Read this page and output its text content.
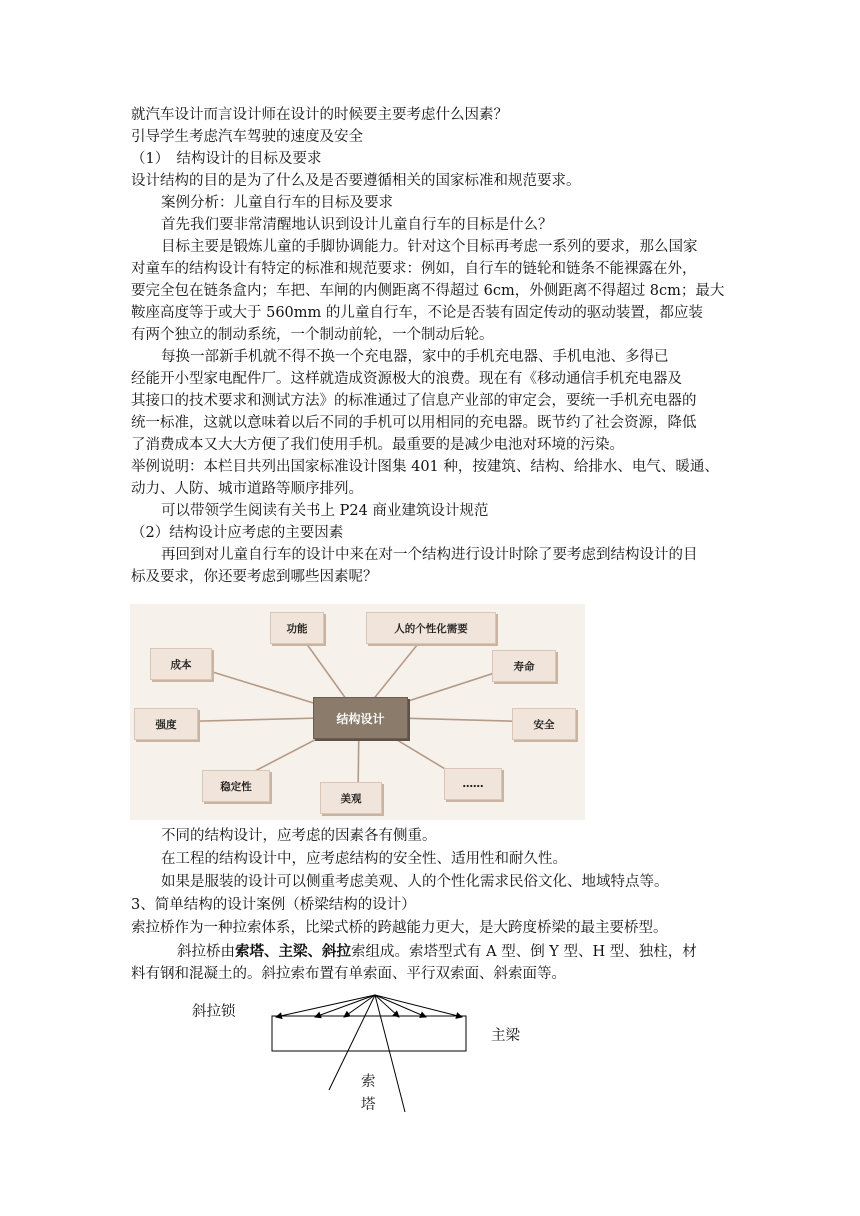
就汽车设计而言设计师在设计的时候要主要考虑什么因素？
引导学生考虑汽车驾驶的速度及安全
（1）　结构设计的目标及要求
设计结构的目的是为了什么及是否要遵循相关的国家标准和规范要求。
案例分析：儿童自行车的目标及要求
首先我们要非常清醒地认识到设计儿童自行车的目标是什么？
目标主要是锻炼儿童的手脚协调能力。针对这个目标再考虑一系列的要求，那么国家
对童车的结构设计有特定的标准和规范要求：例如，自行车的链轮和链条不能裸露在外，
要完全包在链条盒内；车把、车闸的内侧距离不得超过 6cm，外侧距离不得超过 8cm；最大
鞍座高度等于或大于 560mm 的儿童自行车，不论是否装有固定传动的驱动装置，都应装
有两个独立的制动系统，一个制动前轮，一个制动后轮。
每换一部新手机就不得不换一个充电器，家中的手机充电器、手机电池、多得已
经能开小型家电配件厂。这样就造成资源极大的浪费。现在有《移动通信手机充电器及
其接口的技术要求和测试方法》的标准通过了信息产业部的审定会，要统一手机充电器的
统一标准，这就以意味着以后不同的手机可以用相同的充电器。既节约了社会资源，降低
了消费成本又大大方便了我们使用手机。最重要的是减少电池对环境的污染。
举例说明：本栏目共列出国家标准设计图集 401 种，按建筑、结构、给排水、电气、暖通、
动力、人防、城市道路等顺序排列。
可以带领学生阅读有关书上 P24 商业建筑设计规范
（2）结构设计应考虑的主要因素
再回到对儿童自行车的设计中来在对一个结构进行设计时除了要考虑到结构设计的目
标及要求，你还要考虑到哪些因素呢？
功能	人的个性化需要
成本	寿命
强度	安全
结构设计
稳定性
美观
……
不同的结构设计，应考虑的因素各有侧重。
在工程的结构设计中，应考虑结构的安全性、适用性和耐久性。
如果是服装的设计可以侧重考虑美观、人的个性化需求民俗文化、地域特点等。
3、简单结构的设计案例（桥梁结构的设计）
索拉桥作为一种拉索体系，比梁式桥的跨越能力更大，是大跨度桥梁的最主要桥型。
斜拉桥由索塔、主梁、斜拉索组成。索塔型式有 A 型、倒 Y 型、H 型、独柱，材
料有钢和混凝土的。斜拉索布置有单索面、平行双索面、斜索面等。
斜拉锁
主梁
索
塔
